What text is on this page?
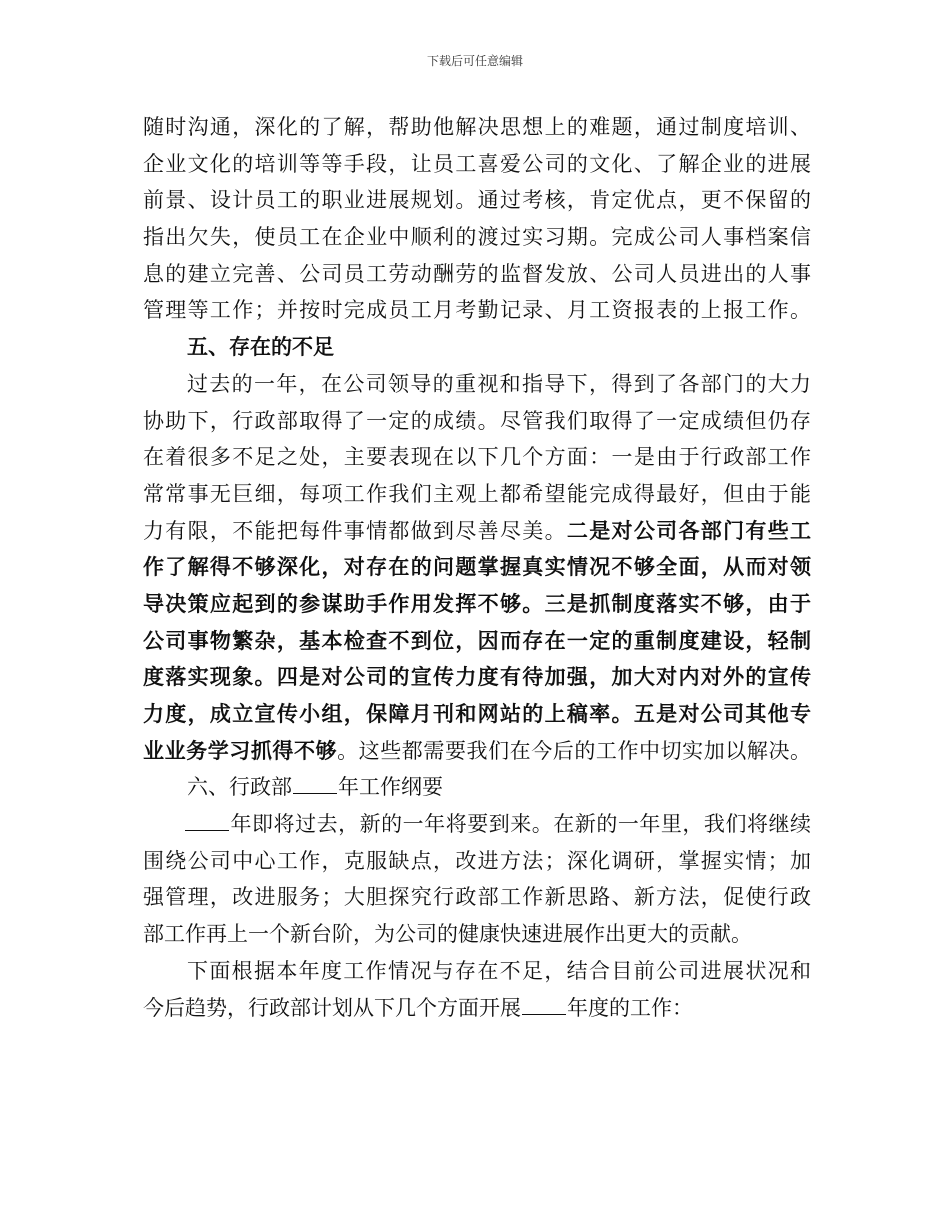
下载后可任意编辑
随时沟通，深化的了解，帮助他解决思想上的难题，通过制度培训、
企业文化的培训等等手段，让员工喜爱公司的文化、了解企业的进展
前景、设计员工的职业进展规划。通过考核，肯定优点，更不保留的
指出欠失，使员工在企业中顺利的渡过实习期。完成公司人事档案信
息的建立完善、公司员工劳动酬劳的监督发放、公司人员进出的人事
管理等工作；并按时完成员工月考勤记录、月工资报表的上报工作。
五、存在的不足
过去的一年，在公司领导的重视和指导下，得到了各部门的大力
协助下，行政部取得了一定的成绩。尽管我们取得了一定成绩但仍存
在着很多不足之处，主要表现在以下几个方面：一是由于行政部工作
常常事无巨细，每项工作我们主观上都希望能完成得最好，但由于能
力有限，不能把每件事情都做到尽善尽美。二是对公司各部门有些工
作了解得不够深化，对存在的问题掌握真实情况不够全面，从而对领
导决策应起到的参谋助手作用发挥不够。三是抓制度落实不够，由于
公司事物繁杂，基本检查不到位，因而存在一定的重制度建设，轻制
度落实现象。四是对公司的宣传力度有待加强，加大对内对外的宣传
力度，成立宣传小组，保障月刊和网站的上稿率。五是对公司其他专
业业务学习抓得不够。这些都需要我们在今后的工作中切实加以解决。
六、行政部 年工作纲要
年即将过去，新的一年将要到来。在新的一年里，我们将继续
围绕公司中心工作，克服缺点，改进方法；深化调研，掌握实情；加
强管理，改进服务；大胆探究行政部工作新思路、新方法，促使行政
部工作再上一个新台阶，为公司的健康快速进展作出更大的贡献。
下面根据本年度工作情况与存在不足，结合目前公司进展状况和
今后趋势，行政部计划从下几个方面开展 年度的工作：
